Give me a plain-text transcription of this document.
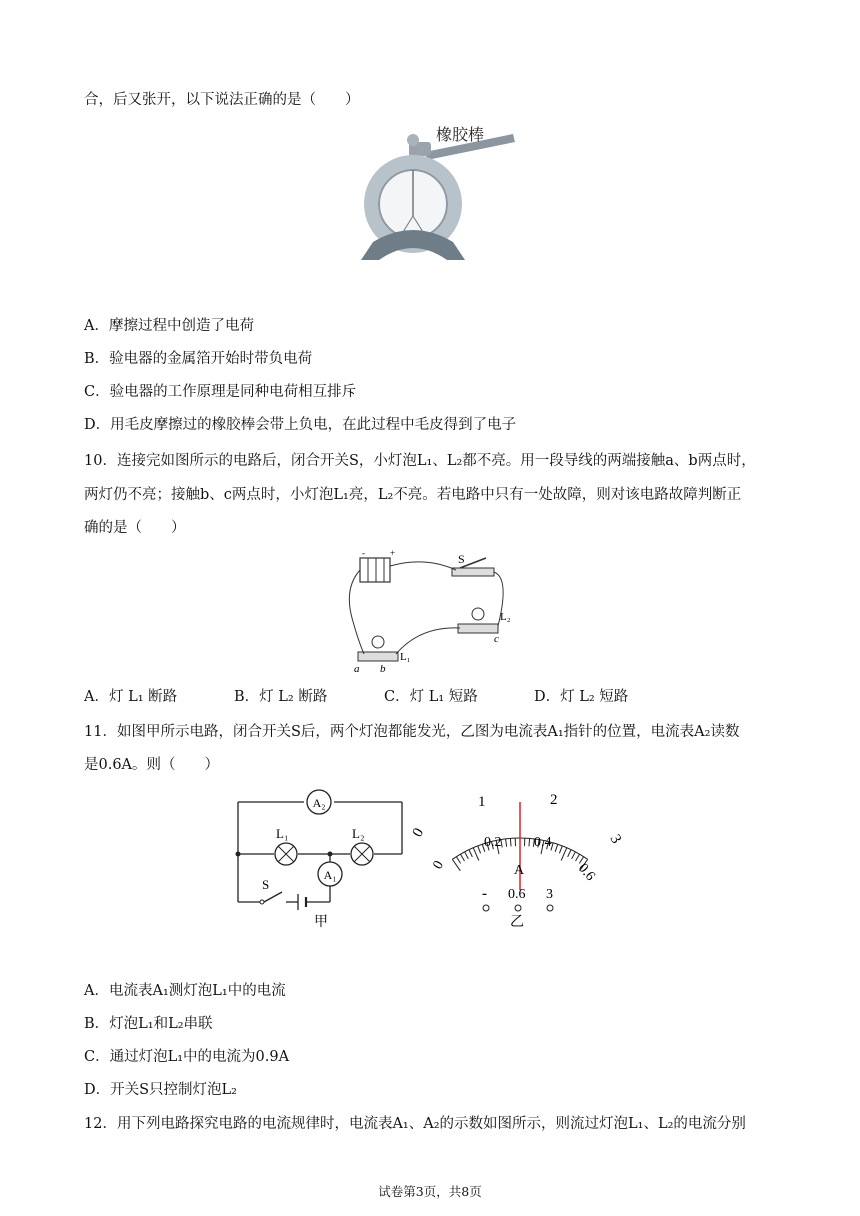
合，后又张开，以下说法正确的是（　　）
橡胶棒
A．摩擦过程中创造了电荷
B．验电器的金属箔开始时带负电荷
C．验电器的工作原理是同种电荷相互排斥
D．用毛皮摩擦过的橡胶棒会带上负电，在此过程中毛皮得到了电子
10．连接完如图所示的电路后，闭合开关S，小灯泡L₁、L₂都不亮。用一段导线的两端接触a、b两点时，
两灯仍不亮；接触b、c两点时，小灯泡L₁亮，L₂不亮。若电路中只有一处故障，则对该电路故障判断正
确的是（　　）
-	+	S
L₂
c
L₁
a b
A．灯 L₁ 断路	B．灯 L₂ 断路	C．灯 L₁ 短路	D．灯 L₂ 短路
11．如图甲所示电路，闭合开关S后，两个灯泡都能发光，乙图为电流表A₁指针的位置，电流表A₂读数
是0.6A。则（　　）
A₂
L₁	L₂
A₁
S
甲
0
1	2
3
0
0.2 0.4
0.6
A
- 0.6 3
乙
A．电流表A₁测灯泡L₁中的电流
B．灯泡L₁和L₂串联
C．通过灯泡L₁中的电流为0.9A
D．开关S只控制灯泡L₂
12．用下列电路探究电路的电流规律时，电流表A₁、A₂的示数如图所示，则流过灯泡L₁、L₂的电流分别
试卷第3页，共8页
